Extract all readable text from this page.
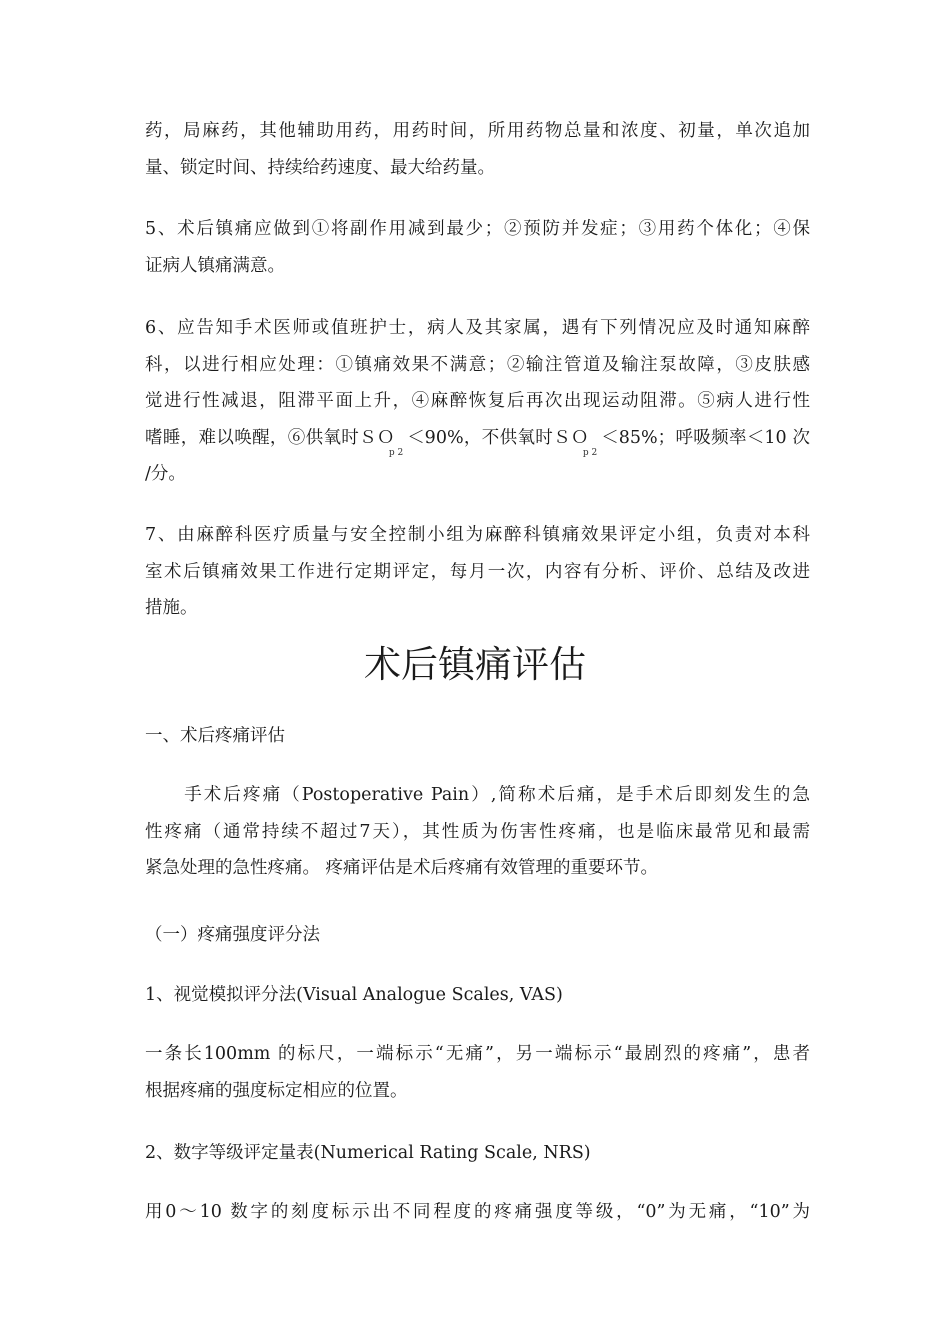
药，局麻药，其他辅助用药，用药时间，所用药物总量和浓度、初量，单次追加
量、锁定时间、持续给药速度、最大给药量。
5、术后镇痛应做到①将副作用减到最少；②预防并发症；③用药个体化；④保
证病人镇痛满意。
6、应告知手术医师或值班护士，病人及其家属，遇有下列情况应及时通知麻醉
科，以进行相应处理：①镇痛效果不满意；②输注管道及输注泵故障，③皮肤感
觉进行性减退，阻滞平面上升，④麻醉恢复后再次出现运动阻滞。⑤病人进行性
嗜睡，难以唤醒，⑥供氧时ＳＯp 2＜90%，不供氧时ＳＯp 2＜85%；呼吸频率＜10 次
/分。
7、由麻醉科医疗质量与安全控制小组为麻醉科镇痛效果评定小组，负责对本科
室术后镇痛效果工作进行定期评定，每月一次，内容有分析、评价、总结及改进
措施。
一、术后疼痛评估
　　手术后疼痛（Postoperative Pain）,简称术后痛，是手术后即刻发生的急
性疼痛（通常持续不超过7天），其性质为伤害性疼痛，也是临床最常见和最需
紧急处理的急性疼痛。 疼痛评估是术后疼痛有效管理的重要环节。
（一）疼痛强度评分法
1、视觉模拟评分法(Visual Analogue Scales, VAS)
一条长100mm 的标尺，一端标示“无痛”，另一端标示“最剧烈的疼痛”，患者
根据疼痛的强度标定相应的位置。
2、数字等级评定量表(Numerical Rating Scale, NRS)
用0～10 数字的刻度标示出不同程度的疼痛强度等级，“0”为无痛，“10”为
术后镇痛评估
